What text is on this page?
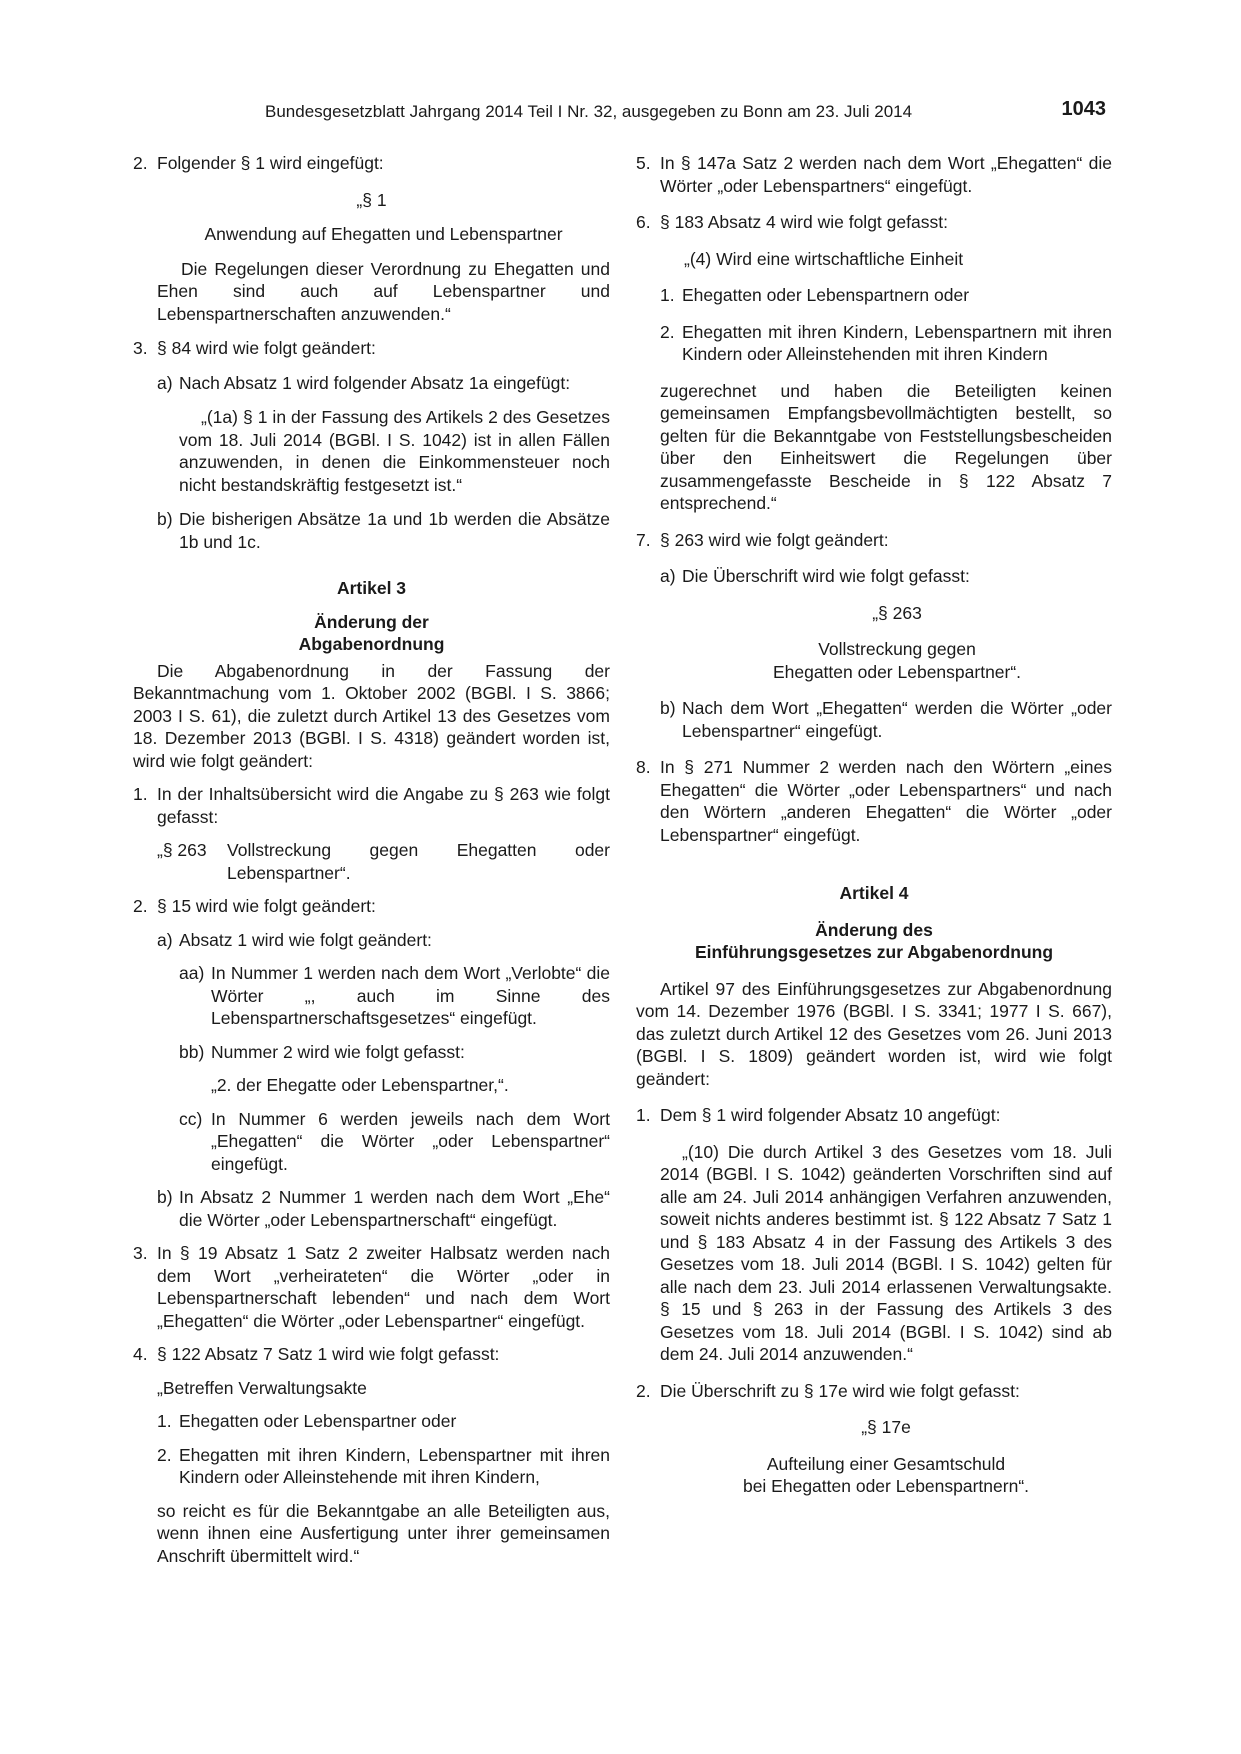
Bundesgesetzblatt Jahrgang 2014 Teil I Nr. 32, ausgegeben zu Bonn am 23. Juli 2014	1043
2. Folgender § 1 wird eingefügt:

„§ 1

Anwendung auf Ehegatten und Lebenspartner

Die Regelungen dieser Verordnung zu Ehegatten und Ehen sind auch auf Lebenspartner und Lebenspartnerschaften anzuwenden.“

3. § 84 wird wie folgt geändert:
a) Nach Absatz 1 wird folgender Absatz 1a eingefügt:

„(1a) § 1 in der Fassung des Artikels 2 des Gesetzes vom 18. Juli 2014 (BGBl. I S. 1042) ist in allen Fällen anzuwenden, in denen die Einkommensteuer noch nicht bestandskräftig festgesetzt ist.“

b) Die bisherigen Absätze 1a und 1b werden die Absätze 1b und 1c.

Artikel 3

Änderung der

Abgabenordnung

Die Abgabenordnung in der Fassung der Bekanntmachung vom 1. Oktober 2002 (BGBl. I S. 3866; 2003 I S. 61), die zuletzt durch Artikel 13 des Gesetzes vom 18. Dezember 2013 (BGBl. I S. 4318) geändert worden ist, wird wie folgt geändert:

1. In der Inhaltsübersicht wird die Angabe zu § 263 wie folgt gefasst:
„§ 263	Vollstreckung gegen Ehegatten oder Lebenspartner“.
2. § 15 wird wie folgt geändert:
a) Absatz 1 wird wie folgt geändert:
aa) In Nummer 1 werden nach dem Wort „Verlobte“ die Wörter „, auch im Sinne des Lebenspartnerschaftsgesetzes“ eingefügt.
bb) Nummer 2 wird wie folgt gefasst:

„2. der Ehegatte oder Lebenspartner,“.

cc) In Nummer 6 werden jeweils nach dem Wort „Ehegatten“ die Wörter „oder Lebenspartner“ eingefügt.
b) In Absatz 2 Nummer 1 werden nach dem Wort „Ehe“ die Wörter „oder Lebenspartnerschaft“ eingefügt.
3. In § 19 Absatz 1 Satz 2 zweiter Halbsatz werden nach dem Wort „verheirateten“ die Wörter „oder in Lebenspartnerschaft lebenden“ und nach dem Wort „Ehegatten“ die Wörter „oder Lebenspartner“ eingefügt.
4. § 122 Absatz 7 Satz 1 wird wie folgt gefasst:

„Betreffen Verwaltungsakte

1. Ehegatten oder Lebenspartner oder
2. Ehegatten mit ihren Kindern, Lebenspartner mit ihren Kindern oder Alleinstehende mit ihren Kindern,

so reicht es für die Bekanntgabe an alle Beteiligten aus, wenn ihnen eine Ausfertigung unter ihrer gemeinsamen Anschrift übermittelt wird.“

5. In § 147a Satz 2 werden nach dem Wort „Ehegatten“ die Wörter „oder Lebenspartners“ eingefügt.
6. § 183 Absatz 4 wird wie folgt gefasst:

„(4) Wird eine wirtschaftliche Einheit

1. Ehegatten oder Lebenspartnern oder
2. Ehegatten mit ihren Kindern, Lebenspartnern mit ihren Kindern oder Alleinstehenden mit ihren Kindern

zugerechnet und haben die Beteiligten keinen gemeinsamen Empfangsbevollmächtigten bestellt, so gelten für die Bekanntgabe von Feststellungsbescheiden über den Einheitswert die Regelungen über zusammengefasste Bescheide in § 122 Absatz 7 entsprechend.“

7. § 263 wird wie folgt geändert:
a) Die Überschrift wird wie folgt gefasst:

„§ 263

Vollstreckung gegen

Ehegatten oder Lebenspartner“.

b) Nach dem Wort „Ehegatten“ werden die Wörter „oder Lebenspartner“ eingefügt.
8. In § 271 Nummer 2 werden nach den Wörtern „eines Ehegatten“ die Wörter „oder Lebenspartners“ und nach den Wörtern „anderen Ehegatten“ die Wörter „oder Lebenspartner“ eingefügt.

Artikel 4

Änderung des

Einführungsgesetzes zur Abgabenordnung

Artikel 97 des Einführungsgesetzes zur Abgabenordnung vom 14. Dezember 1976 (BGBl. I S. 3341; 1977 I S. 667), das zuletzt durch Artikel 12 des Gesetzes vom 26. Juni 2013 (BGBl. I S. 1809) geändert worden ist, wird wie folgt geändert:

1. Dem § 1 wird folgender Absatz 10 angefügt:

„(10) Die durch Artikel 3 des Gesetzes vom 18. Juli 2014 (BGBl. I S. 1042) geänderten Vorschriften sind auf alle am 24. Juli 2014 anhängigen Verfahren anzuwenden, soweit nichts anderes bestimmt ist. § 122 Absatz 7 Satz 1 und § 183 Absatz 4 in der Fassung des Artikels 3 des Gesetzes vom 18. Juli 2014 (BGBl. I S. 1042) gelten für alle nach dem 23. Juli 2014 erlassenen Verwaltungsakte. § 15 und § 263 in der Fassung des Artikels 3 des Gesetzes vom 18. Juli 2014 (BGBl. I S. 1042) sind ab dem 24. Juli 2014 anzuwenden.“

2. Die Überschrift zu § 17e wird wie folgt gefasst:

„§ 17e

Aufteilung einer Gesamtschuld

bei Ehegatten oder Lebenspartnern“.
